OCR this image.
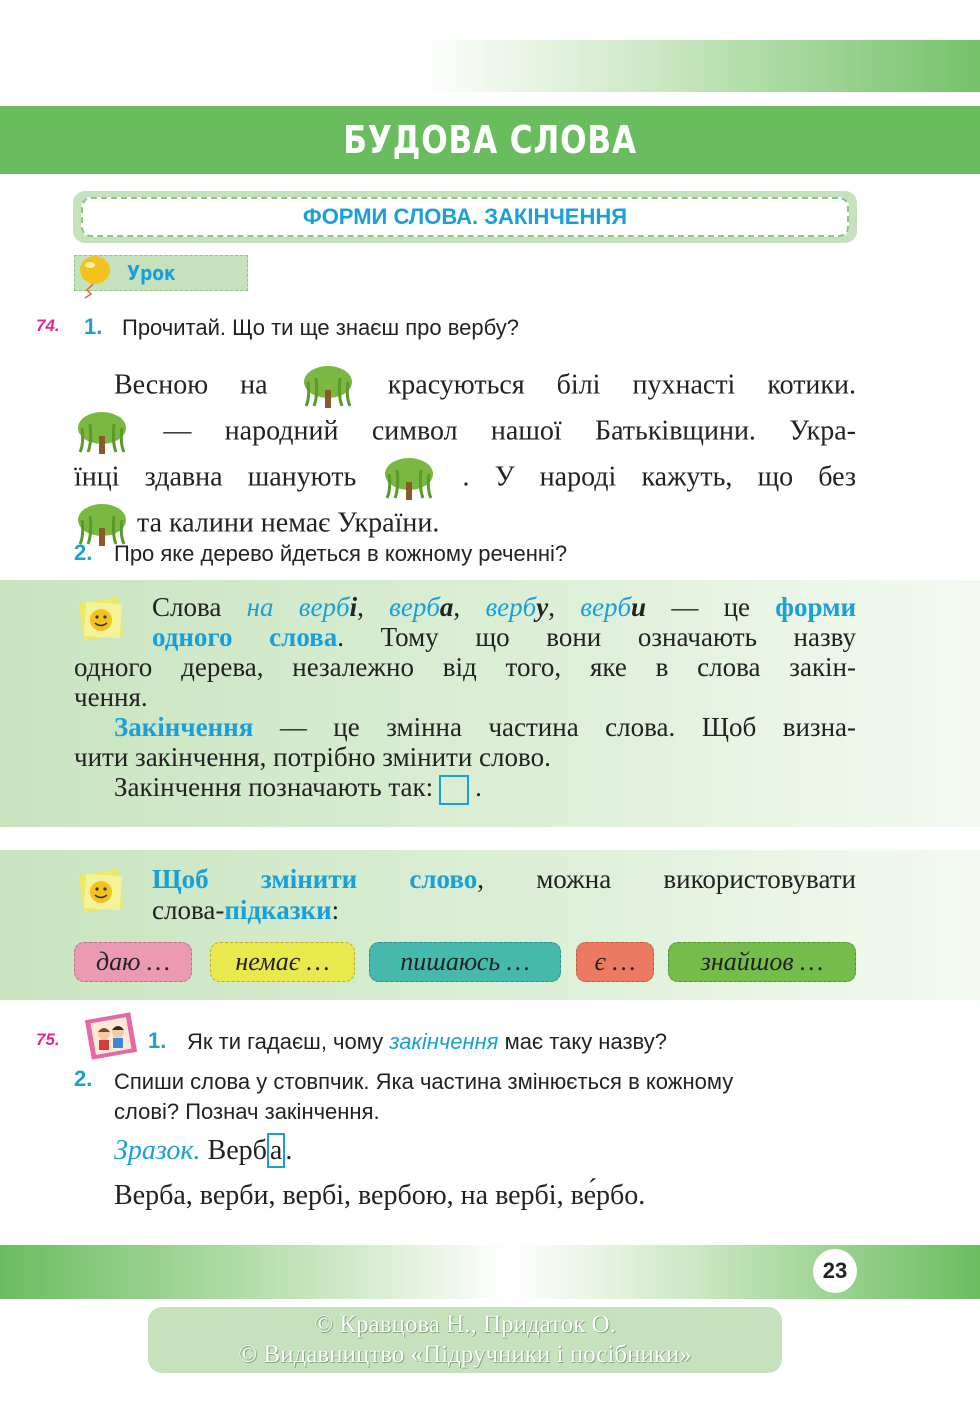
БУДОВА СЛОВА
ФОРМИ СЛОВА. ЗАКІНЧЕННЯ
Урок
74. 1. Прочитай. Що ти ще знаєш про вербу?

Весною на	красуються білі пухнасті котики.

— народний символ нашої Батьківщини. Укра-

їнці здавна шанують	. У народі кажуть, що без

та калини немає України.

2. Про яке дерево йдеться в кожному реченні?
Слова на вербі, верба, вербу, верби — це форми
одного слова. Тому що вони означають назву
одного дерева, незалежно від того, яке в слова закін-
чення.
Закінчення — це змінна частина слова. Щоб визна-
чити закінчення, потрібно змінити слово.
Закінчення позначають так: .
Щоб змінити слово, можна використовувати
слова-підказки:
даю …	немає …	пишаюсь … є …	знайшов …
75.	1. Як ти гадаєш, чому закінчення має таку назву?
2. Спиши слова у стовпчик. Яка частина змінюється в кожному
слові? Познач закінчення.
Зразок. Верб а .
Верба, верби, вербі, вербою, на вербі, ве́рбо.
23
© Кравцова Н., Придаток О.
© Видавництво «Підручники і посібники»
